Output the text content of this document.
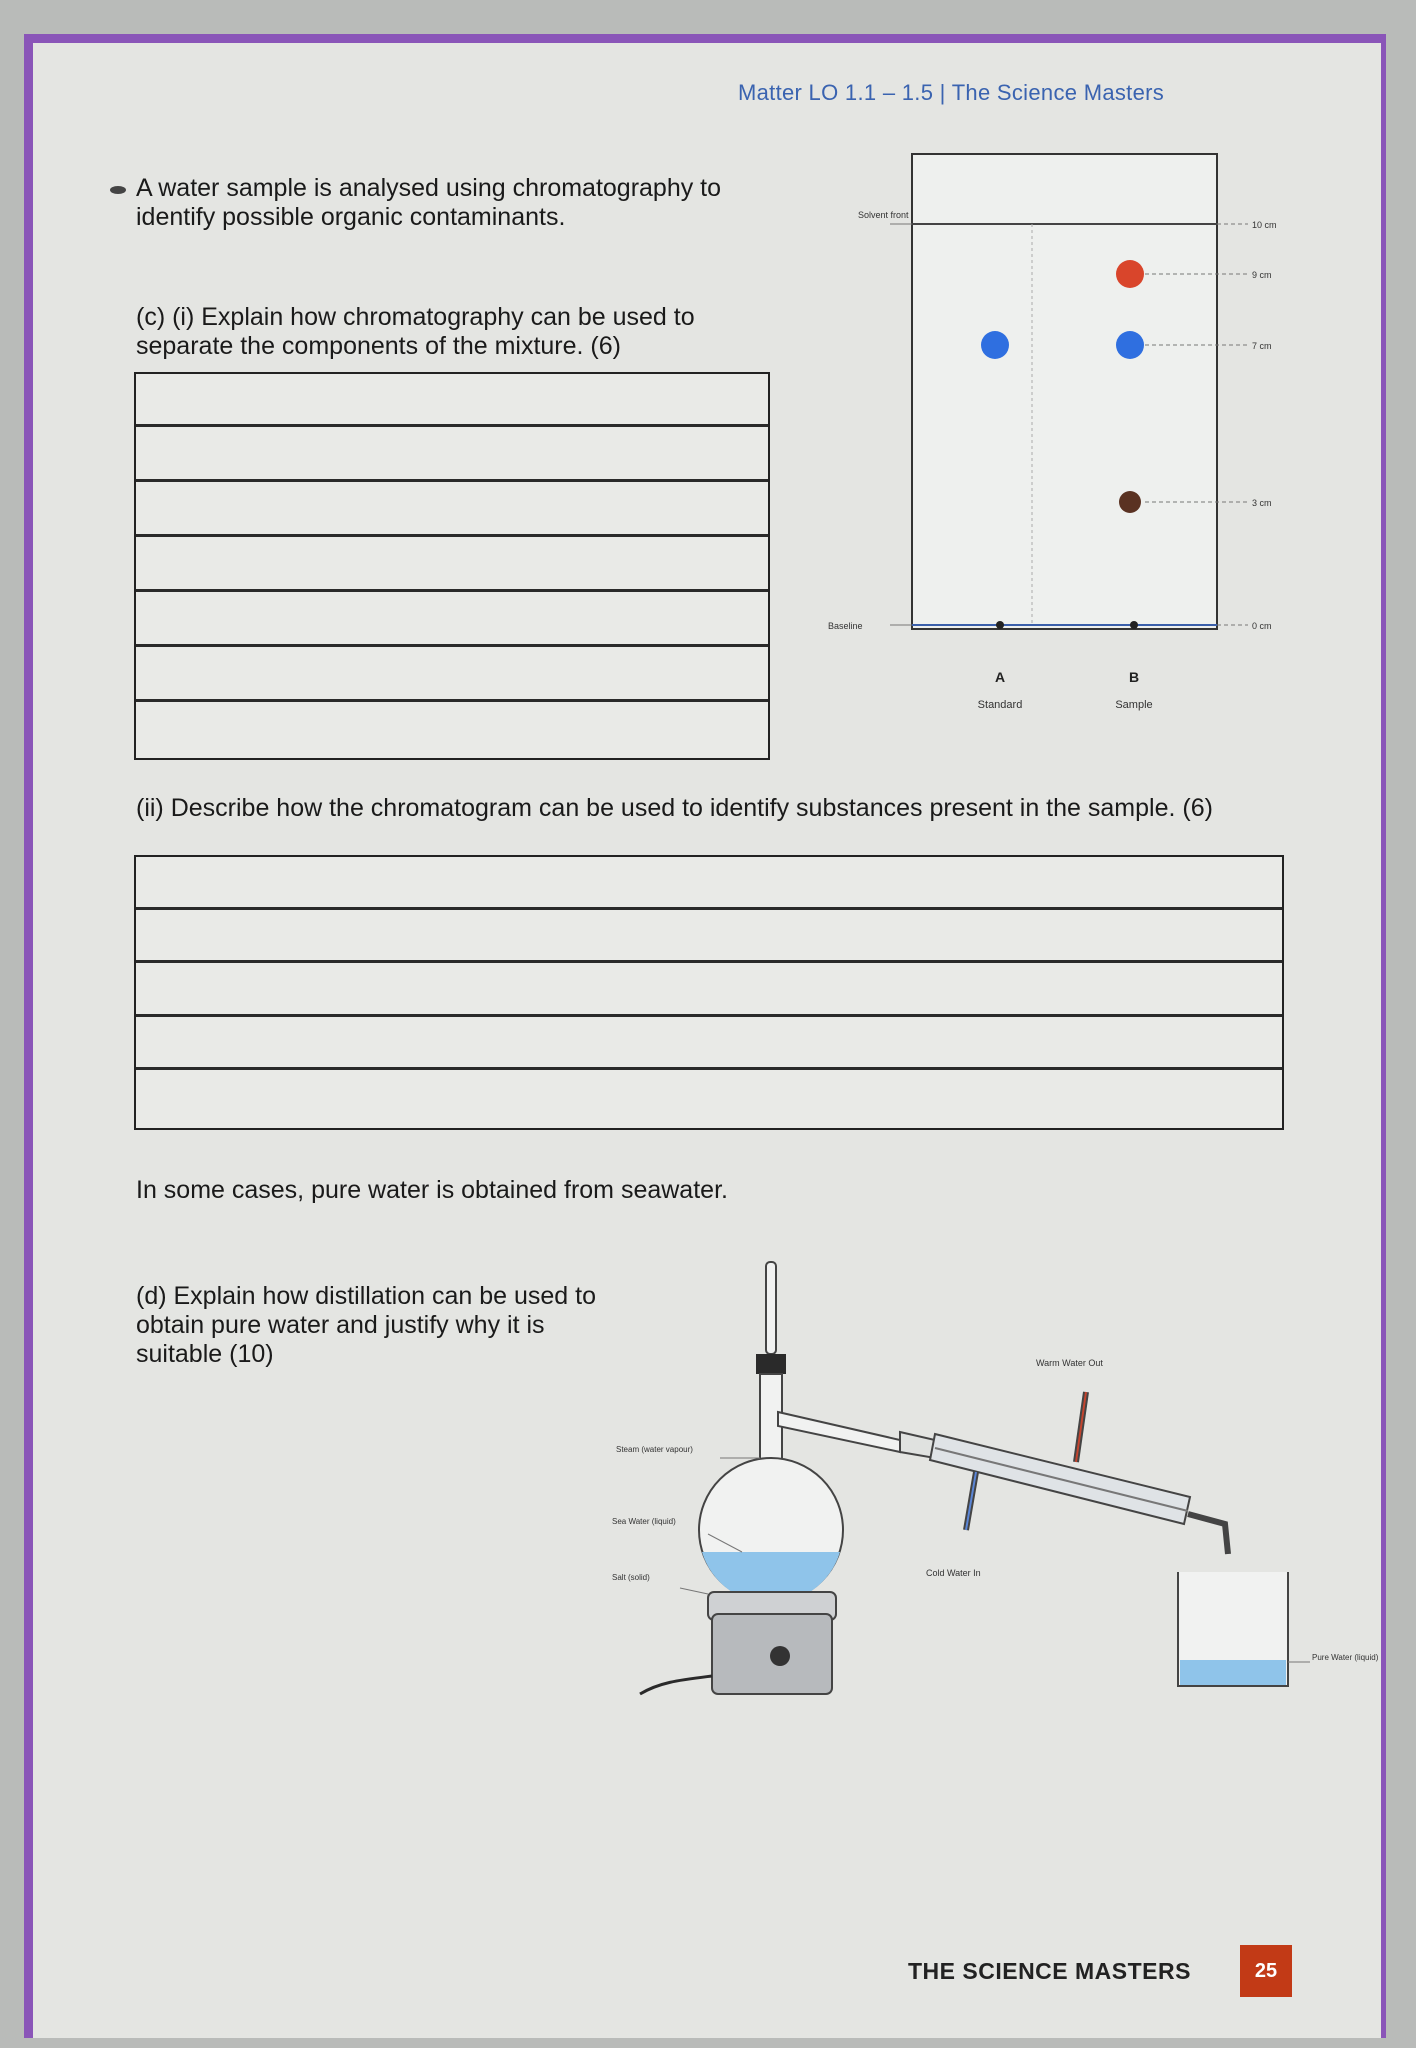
Matter LO 1.1 – 1.5 | The Science Masters
A water sample is analysed using chromatography to identify possible organic contaminants.
(c) (i) Explain how chromatography can be used to separate the components of the mixture. (6)
Solvent front
Baseline
10 cm
9 cm
7 cm
3 cm
0 cm
A	B
Standard	Sample
(ii) Describe how the chromatogram can be used to identify substances present in the sample. (6)
In some cases, pure water is obtained from seawater.
(d) Explain how distillation can be used to obtain pure water and justify why it is suitable (10)	Warm Water Out
Cold Water In
Pure Water (liquid)
Steam (water vapour)
Sea Water (liquid)
Salt (solid)
THE SCIENCE MASTERS	25
